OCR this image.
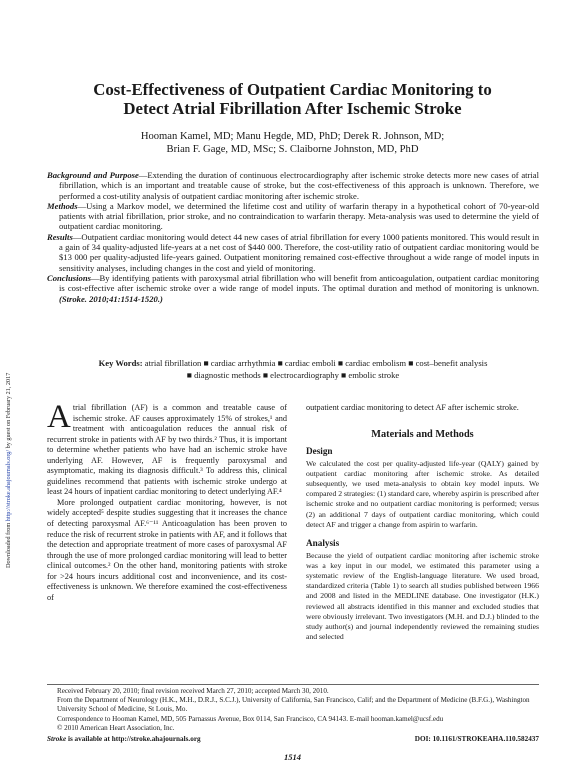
Downloaded from http://stroke.ahajournals.org/ by guest on February 21, 2017
Cost-Effectiveness of Outpatient Cardiac Monitoring to
Detect Atrial Fibrillation After Ischemic Stroke
Hooman Kamel, MD; Manu Hegde, MD, PhD; Derek R. Johnson, MD;
Brian F. Gage, MD, MSc; S. Claiborne Johnston, MD, PhD

Background and Purpose—Extending the duration of continuous electrocardiography after ischemic stroke detects more new cases of atrial fibrillation, which is an important and treatable cause of stroke, but the cost-effectiveness of this approach is unknown. Therefore, we performed a cost-utility analysis of outpatient cardiac monitoring after ischemic stroke.

Methods—Using a Markov model, we determined the lifetime cost and utility of warfarin therapy in a hypothetical cohort of 70-year-old patients with atrial fibrillation, prior stroke, and no contraindication to warfarin therapy. Meta-analysis was used to determine the yield of outpatient cardiac monitoring.

Results—Outpatient cardiac monitoring would detect 44 new cases of atrial fibrillation for every 1000 patients monitored. This would result in a gain of 34 quality-adjusted life-years at a net cost of $440 000. Therefore, the cost-utility ratio of outpatient cardiac monitoring would be $13 000 per quality-adjusted life-years gained. Outpatient monitoring remained cost-effective throughout a wide range of model inputs in sensitivity analyses, including changes in the cost and yield of monitoring.

Conclusions—By identifying patients with paroxysmal atrial fibrillation who will benefit from anticoagulation, outpatient cardiac monitoring is cost-effective after ischemic stroke over a wide range of model inputs. The optimal duration and method of monitoring is unknown. (Stroke. 2010;41:1514-1520.)

Key Words: atrial fibrillation ■ cardiac arrhythmia ■ cardiac emboli ■ cardiac embolism ■ cost–benefit analysis
■ diagnostic methods ■ electrocardiography ■ embolic stroke

Atrial fibrillation (AF) is a common and treatable cause of ischemic stroke. AF causes approximately 15% of strokes,¹ and treatment with anticoagulation reduces the annual risk of recurrent stroke in patients with AF by two thirds.² Thus, it is important to determine whether patients who have had an ischemic stroke have underlying AF. However, AF is frequently paroxysmal and asymptomatic, making its diagnosis difficult.³ To address this, clinical guidelines recommend that patients with ischemic stroke undergo at least 24 hours of inpatient cardiac monitoring to detect underlying AF.⁴

More prolonged outpatient cardiac monitoring, however, is not widely accepted⁵ despite studies suggesting that it increases the chance of detecting paroxysmal AF.⁶⁻¹¹ Anticoagulation has been proven to reduce the risk of recurrent stroke in patients with AF, and it follows that the detection and appropriate treatment of more cases of paroxysmal AF through the use of more prolonged cardiac monitoring will lead to better clinical outcomes.² On the other hand, monitoring patients with stroke for >24 hours incurs additional cost and inconvenience, and its cost-effectiveness is unknown. We therefore examined the cost-effectiveness of

outpatient cardiac monitoring to detect AF after ischemic stroke.

Materials and Methods
Design

We calculated the cost per quality-adjusted life-year (QALY) gained by outpatient cardiac monitoring after ischemic stroke. As detailed subsequently, we used meta-analysis to obtain key model inputs. We compared 2 strategies: (1) standard care, whereby aspirin is prescribed after ischemic stroke and no outpatient cardiac monitoring is performed; versus (2) an additional 7 days of outpatient cardiac monitoring, which could detect AF and trigger a change from aspirin to warfarin.

Analysis

Because the yield of outpatient cardiac monitoring after ischemic stroke was a key input in our model, we estimated this parameter using a systematic review of the English-language literature. We used broad, standardized criteria (Table 1) to search all studies published between 1966 and 2008 and listed in the MEDLINE database. One investigator (H.K.) reviewed all abstracts identified in this manner and excluded studies that were obviously irrelevant. Two investigators (M.H. and D.J.) blinded to the study author(s) and journal independently reviewed the remaining studies and selected

Received February 20, 2010; final revision received March 27, 2010; accepted March 30, 2010.

From the Department of Neurology (H.K., M.H., D.R.J., S.C.J.), University of California, San Francisco, Calif; and the Department of Medicine (B.F.G.), Washington University School of Medicine, St Louis, Mo.

Correspondence to Hooman Kamel, MD, 505 Parnassus Avenue, Box 0114, San Francisco, CA 94143. E-mail hooman.kamel@ucsf.edu

© 2010 American Heart Association, Inc.

Stroke is available at http://stroke.ahajournals.org	DOI: 10.1161/STROKEAHA.110.582437
1514
